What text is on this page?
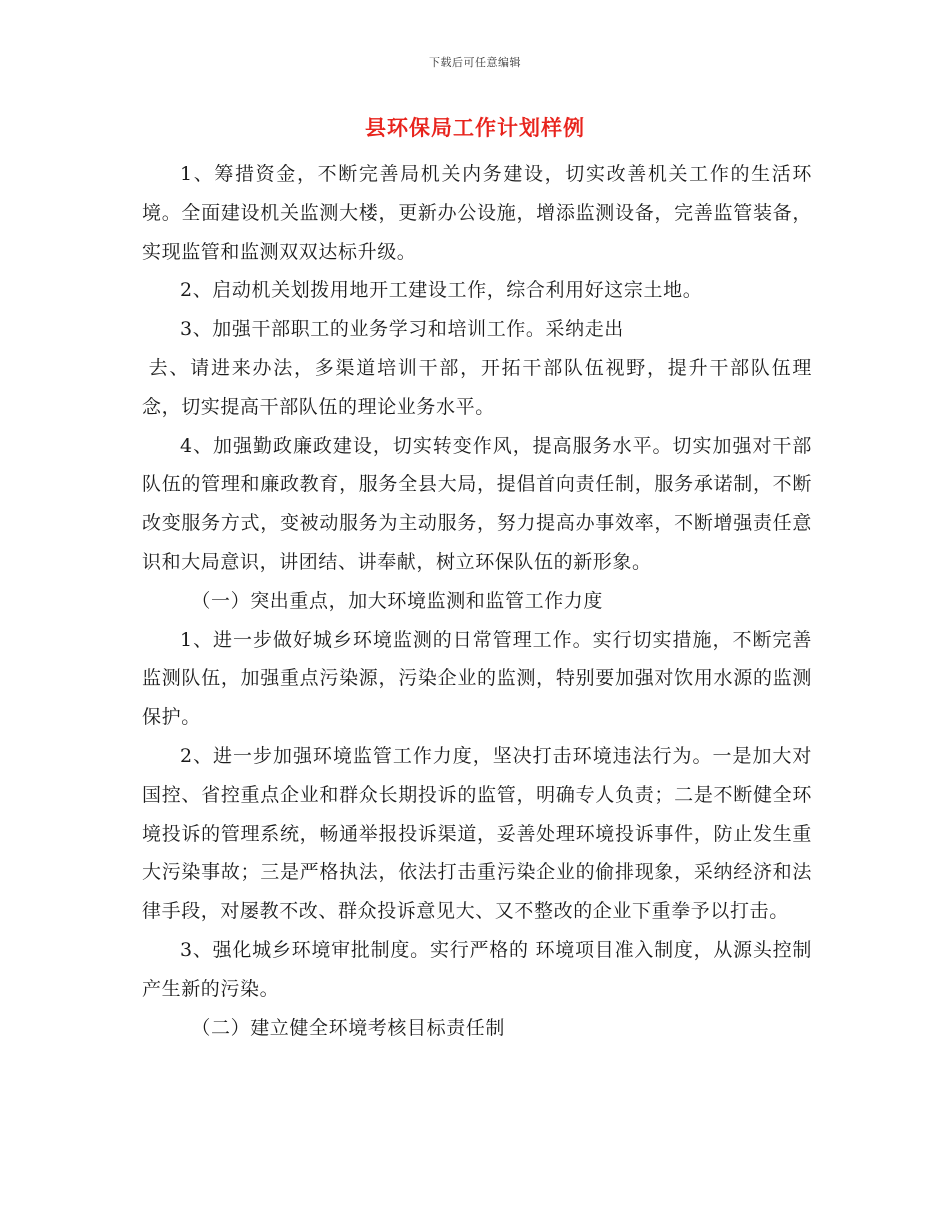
下载后可任意编辑
县环保局工作计划样例

1、筹措资金，不断完善局机关内务建设，切实改善机关工作的生活环境。全面建设机关监测大楼，更新办公设施，增添监测设备，完善监管装备，实现监管和监测双双达标升级。

2、启动机关划拨用地开工建设工作，综合利用好这宗土地。

3、加强干部职工的业务学习和培训工作。采纳走出

去、请进来办法，多渠道培训干部，开拓干部队伍视野，提升干部队伍理念，切实提高干部队伍的理论业务水平。

4、加强勤政廉政建设，切实转变作风，提高服务水平。切实加强对干部队伍的管理和廉政教育，服务全县大局，提倡首向责任制，服务承诺制，不断改变服务方式，变被动服务为主动服务，努力提高办事效率，不断增强责任意识和大局意识，讲团结、讲奉献，树立环保队伍的新形象。

（一）突出重点，加大环境监测和监管工作力度

1、进一步做好城乡环境监测的日常管理工作。实行切实措施，不断完善监测队伍，加强重点污染源，污染企业的监测，特别要加强对饮用水源的监测保护。

2、进一步加强环境监管工作力度，坚决打击环境违法行为。一是加大对国控、省控重点企业和群众长期投诉的监管，明确专人负责；二是不断健全环境投诉的管理系统，畅通举报投诉渠道，妥善处理环境投诉事件，防止发生重大污染事故；三是严格执法，依法打击重污染企业的偷排现象，采纳经济和法律手段，对屡教不改、群众投诉意见大、又不整改的企业下重拳予以打击。

3、强化城乡环境审批制度。实行严格的 环境项目准入制度，从源头控制产生新的污染。

（二）建立健全环境考核目标责任制
